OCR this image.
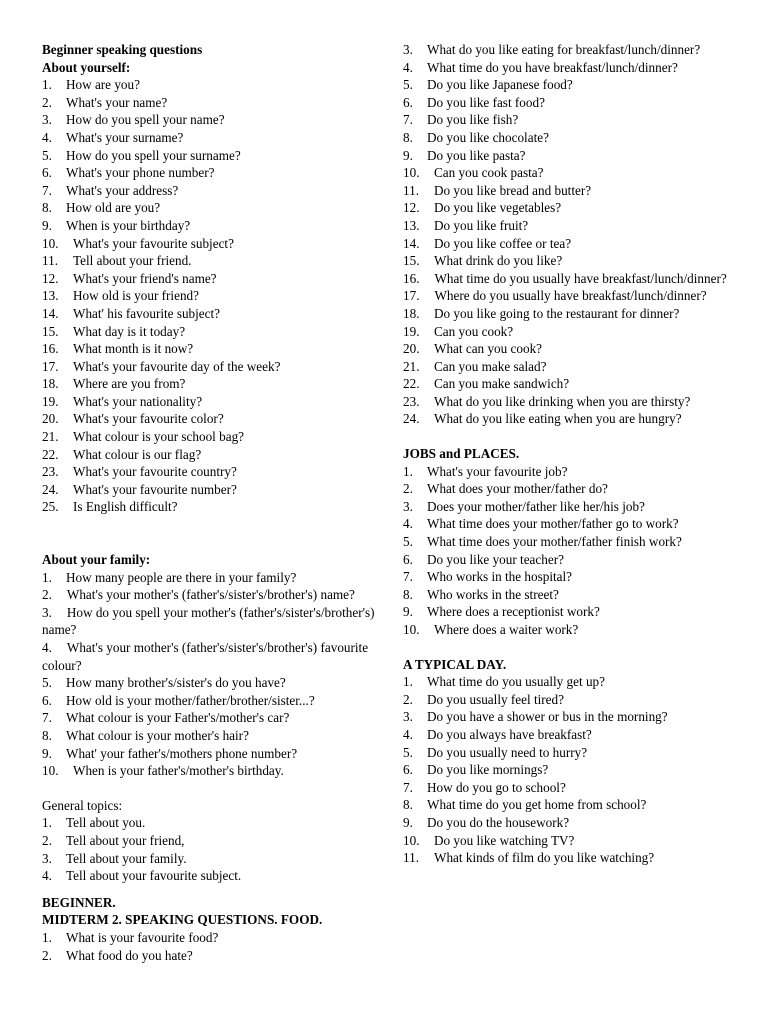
Beginner speaking questions
About yourself:
1. How are you?
2. What's your name?
3. How do you spell your name?
4. What's your surname?
5. How do you spell your surname?
6. What's your phone number?
7. What's your address?
8. How old are you?
9. When is your birthday?
10. What's your favourite subject?
11. Tell about your friend.
12. What's your friend's name?
13. How old is your friend?
14. What' his favourite subject?
15. What day is it today?
16. What month is it now?
17. What's your favourite day of the week?
18. Where are you from?
19. What's your nationality?
20. What's your favourite color?
21. What colour is your school bag?
22. What colour is our flag?
23. What's your favourite country?
24. What's your favourite number?
25. Is English difficult?
About your family:
1. How many people are there in your family?
2. What's your mother's (father's/sister's/brother's) name?
3. How do you spell your mother's (father's/sister's/brother's) name?
4. What's your mother's (father's/sister's/brother's) favourite colour?
5. How many brother's/sister's do you have?
6. How old is your mother/father/brother/sister...?
7. What colour is your Father's/mother's car?
8. What colour is your mother's hair?
9. What' your father's/mothers phone number?
10. When is your father's/mother's birthday.
General topics:
1. Tell about you.
2. Tell about your friend,
3. Tell about your family.
4. Tell about your favourite subject.
BEGINNER.
MIDTERM 2. SPEAKING QUESTIONS. FOOD.
1. What is your favourite food?
2. What food do you hate?
3. What do you like eating for breakfast/lunch/dinner?
4. What time do you have breakfast/lunch/dinner?
5. Do you like Japanese food?
6. Do you like fast food?
7. Do you like fish?
8. Do you like chocolate?
9. Do you like pasta?
10. Can you cook pasta?
11. Do you like bread and butter?
12. Do you like vegetables?
13. Do you like fruit?
14. Do you like coffee or tea?
15. What drink do you like?
16. What time do you usually have breakfast/lunch/dinner?
17. Where do you usually have breakfast/lunch/dinner?
18. Do you like going to the restaurant for dinner?
19. Can you cook?
20. What can you cook?
21. Can you make salad?
22. Can you make sandwich?
23. What do you like drinking when you are thirsty?
24. What do you like eating when you are hungry?
JOBS and PLACES.
1. What's your favourite job?
2. What does your mother/father do?
3. Does your mother/father like her/his job?
4. What time does your mother/father go to work?
5. What time does your mother/father finish work?
6. Do you like your teacher?
7. Who works in the hospital?
8. Who works in the street?
9. Where does a receptionist work?
10. Where does a waiter work?
A TYPICAL DAY.
1. What time do you usually get up?
2. Do you usually feel tired?
3. Do you have a shower or bus in the morning?
4. Do you always have breakfast?
5. Do you usually need to hurry?
6. Do you like mornings?
7. How do you go to school?
8. What time do you get home from school?
9. Do you do the housework?
10. Do you like watching TV?
11. What kinds of film do you like watching?
